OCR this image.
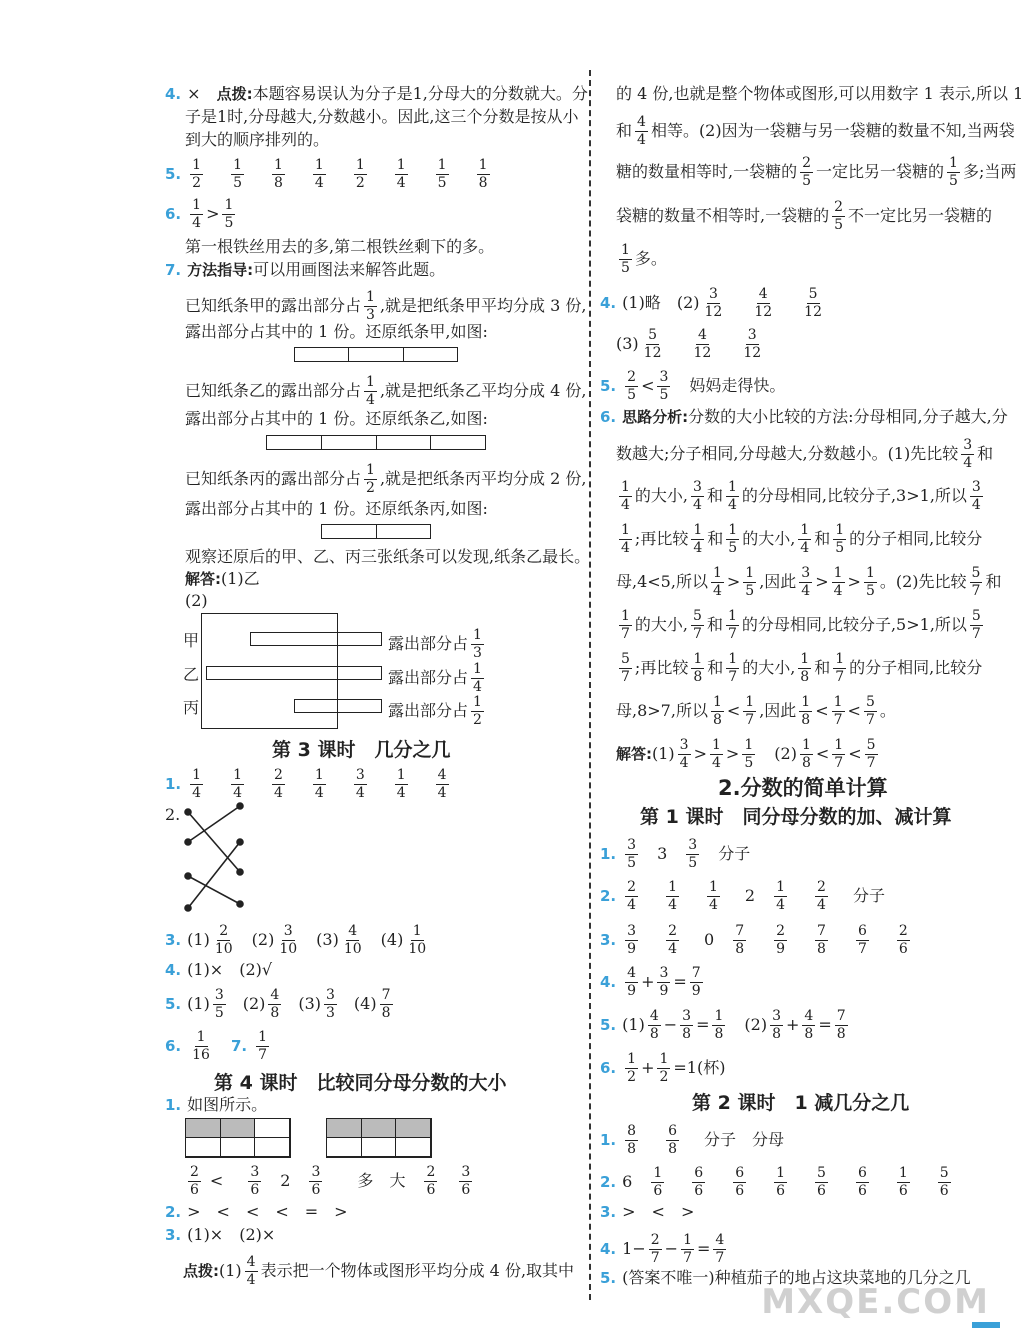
4. ×　 点拨:本题容易误认为分子是1,分母大的分数就大。分
子是1时,分母越大,分数越小。因此,这三个分数是按从小
到大的顺序排列的。
5. $\frac{1}{2} \frac{1}{5} \frac{1}{8} \frac{1}{4} \frac{1}{2} \frac{1}{4} \frac{1}{5} \frac{1}{8}$
6. $\frac{1}{4} > \frac{1}{5}$
第一根铁丝用去的多,第二根铁丝剩下的多。
7. 方法指导:可以用画图法来解答此题。
已知纸条甲的露出部分占 $\frac{1}{3}$ ,就是把纸条甲平均分成 3 份,
露出部分占其中的 1 份。还原纸条甲,如图:
已知纸条乙的露出部分占 $\frac{1}{4}$ ,就是把纸条乙平均分成 4 份,
露出部分占其中的 1 份。还原纸条乙,如图:
已知纸条丙的露出部分占 $\frac{1}{2}$ ,就是把纸条丙平均分成 2 份,
露出部分占其中的 1 份。还原纸条丙,如图:
观察还原后的甲、乙、丙三张纸条可以发现,纸条乙最长。
解答:(1)乙
(2)
甲	露出部分占 $\frac{1}{3}$
乙	露出部分占 $\frac{1}{4}$
丙	露出部分占 $\frac{1}{2}$
第 3 课时　几分之几
1. $\frac{1}{4} \frac{1}{4} \frac{2}{4} \frac{1}{4} \frac{3}{4} \frac{1}{4} \frac{4}{4}$
2.
3. $(1) \frac{2}{10} (2) \frac{3}{10} (3) \frac{4}{10} (4) \frac{1}{10}$
4. (1)×　(2)√
5. $(1) \frac{3}{5} (2) \frac{4}{8} (3) \frac{3}{3} (4) \frac{7}{8}$
6. $\frac{1}{16}$
　 7. $\frac{1}{7}$
第 4 课时　比较同分母分数的大小
1. 如图所示。
$\frac{2}{6}$ <　 $\frac{3}{6}$
　 2　 $\frac{3}{6}$
　　 多　 大　 $\frac{2}{6}$
　 $\frac{3}{6}$
2. >　<　<　<　=　>
3. (1)×　(2)×
点拨:(1) $\frac{4}{4}$ 表示把一个物体或图形平均分成 4 份,取其中
的 4 份,也就是整个物体或图形,可以用数字 1 表示,所以 1
和 $\frac{4}{4}$ 相等。(2)因为一袋糖与另一袋糖的数量不知,当两袋
糖的数量相等时,一袋糖的 $\frac{2}{5}$ 一定比另一袋糖的 $\frac{1}{5}$ 多;当两
袋糖的数量不相等时,一袋糖的 $\frac{2}{5}$ 不一定比另一袋糖的
$\frac{1}{5}$ 多。
4. (1)略　 $(2) \frac{3}{12} \frac{4}{12} \frac{5}{12}$
$(3) \frac{5}{12} \frac{4}{12} \frac{3}{12}$
5. $\frac{2}{5} < \frac{3}{5}$
　 妈妈走得快。
6. 思路分析:分数的大小比较的方法:分母相同,分子越大,分
数越大;分子相同,分母越大,分数越小。(1)先比较 $\frac{3}{4}$ 和
$\frac{1}{4}$ 的大小, $\frac{3}{4}$ 和 $\frac{1}{4}$ 的分母相同,比较分子,3>1,所以 $\frac{3}{4}$
$\frac{1}{4}$ ;再比较 $\frac{1}{4}$ 和 $\frac{1}{5}$ 的大小, $\frac{1}{4}$ 和 $\frac{1}{5}$ 的分子相同,比较分
母,4<5,所以 $\frac{1}{4} > \frac{1}{5}$ ,因此 $\frac{3}{4} > \frac{1}{4} > \frac{1}{5}$ 。(2)先比较 $\frac{5}{7}$ 和
$\frac{1}{7}$ 的大小, $\frac{5}{7}$ 和 $\frac{1}{7}$ 的分母相同,比较分子,5>1,所以 $\frac{5}{7}$
$\frac{5}{7}$ ;再比较 $\frac{1}{8}$ 和 $\frac{1}{7}$ 的大小, $\frac{1}{8}$ 和 $\frac{1}{7}$ 的分子相同,比较分
母,8>7,所以 $\frac{1}{8} < \frac{1}{7}$ ,因此 $\frac{1}{8} < \frac{1}{7} < \frac{5}{7}$ 。
解答:(1) $\frac{3}{4} > \frac{1}{4} > \frac{1}{5}$
　 $(2) \frac{1}{8} < \frac{1}{7} < \frac{5}{7}$
2.分数的简单计算
第 1 课时　同分母分数的加、减计算
1. $\frac{3}{5}$
　 3　 $\frac{3}{5}$
　 分子
2. $\frac{2}{4} \frac{1}{4} \frac{1}{4} 2$　 $\frac{1}{4} \frac{2}{4}$ 分子
3. $\frac{3}{9} \frac{2}{4} 0$　 $\frac{7}{8} \frac{2}{9} \frac{7}{8} \frac{6}{7} \frac{2}{6}$
4. $\frac{4}{9} + \frac{3}{9} = \frac{7}{9}$
5. $(1) \frac{4}{8} - \frac{3}{8} = \frac{1}{8}$
　 $(2) \frac{3}{8} + \frac{4}{8} = \frac{7}{8}$
6. $\frac{1}{2} + \frac{1}{2} =1$(杯)
第 2 课时　1 减几分之几
1. $\frac{8}{8} \frac{6}{8}$ 分子　 分母
2. 6　 $\frac{1}{6} \frac{6}{6} \frac{6}{6} \frac{1}{6} \frac{5}{6} \frac{6}{6} \frac{1}{6} \frac{5}{6}$
3. >　<　>
4. $1- \frac{2}{7} - \frac{1}{7} = \frac{4}{7}$
5. (答案不唯一)种植茄子的地占这块菜地的几分之几
MXQE.COM
